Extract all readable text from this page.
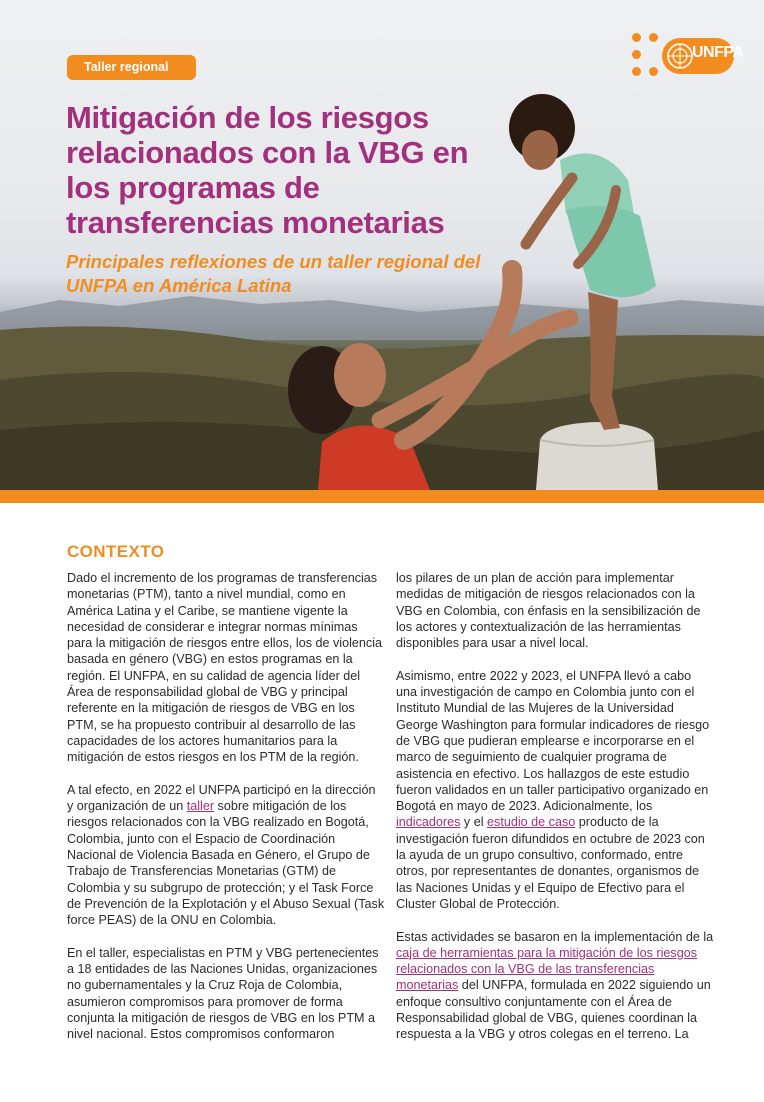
Taller regional
Mitigación de los riesgos relacionados con la VBG en los programas de transferencias monetarias

Principales reflexiones de un taller regional del UNFPA en América Latina

UNFPA
CONTEXTO

Dado el incremento de los programas de transferencias monetarias (PTM), tanto a nivel mundial, como en América Latina y el Caribe, se mantiene vigente la necesidad de considerar e integrar normas mínimas para la mitigación de riesgos entre ellos, los de violencia basada en género (VBG) en estos programas en la región. El UNFPA, en su calidad de agencia líder del Área de responsabilidad global de VBG y principal referente en la mitigación de riesgos de VBG en los PTM, se ha propuesto contribuir al desarrollo de las capacidades de los actores humanitarios para la mitigación de estos riesgos en los PTM de la región.

A tal efecto, en 2022 el UNFPA participó en la dirección y organización de un taller sobre mitigación de los riesgos relacionados con la VBG realizado en Bogotá, Colombia, junto con el Espacio de Coordinación Nacional de Violencia Basada en Género, el Grupo de Trabajo de Transferencias Monetarias (GTM) de Colombia y su subgrupo de protección; y el Task Force de Prevención de la Explotación y el Abuso Sexual (Task force PEAS) de la ONU en Colombia.

En el taller, especialistas en PTM y VBG pertenecientes a 18 entidades de las Naciones Unidas, organizaciones no gubernamentales y la Cruz Roja de Colombia, asumieron compromisos para promover de forma conjunta la mitigación de riesgos de VBG en los PTM a nivel nacional. Estos compromisos conformaron

los pilares de un plan de acción para implementar medidas de mitigación de riesgos relacionados con la VBG en Colombia, con énfasis en la sensibilización de los actores y contextualización de las herramientas disponibles para usar a nivel local.

Asimismo, entre 2022 y 2023, el UNFPA llevó a cabo una investigación de campo en Colombia junto con el Instituto Mundial de las Mujeres de la Universidad George Washington para formular indicadores de riesgo de VBG que pudieran emplearse e incorporarse en el marco de seguimiento de cualquier programa de asistencia en efectivo. Los hallazgos de este estudio fueron validados en un taller participativo organizado en Bogotá en mayo de 2023. Adicionalmente, los indicadores y el estudio de caso producto de la investigación fueron difundidos en octubre de 2023 con la ayuda de un grupo consultivo, conformado, entre otros, por representantes de donantes, organismos de las Naciones Unidas y el Equipo de Efectivo para el Cluster Global de Protección.

Estas actividades se basaron en la implementación de la caja de herramientas para la mitigación de los riesgos relacionados con la VBG de las transferencias monetarias del UNFPA, formulada en 2022 siguiendo un enfoque consultivo conjuntamente con el Área de Responsabilidad global de VBG, quienes coordinan la respuesta a la VBG y otros colegas en el terreno. La
